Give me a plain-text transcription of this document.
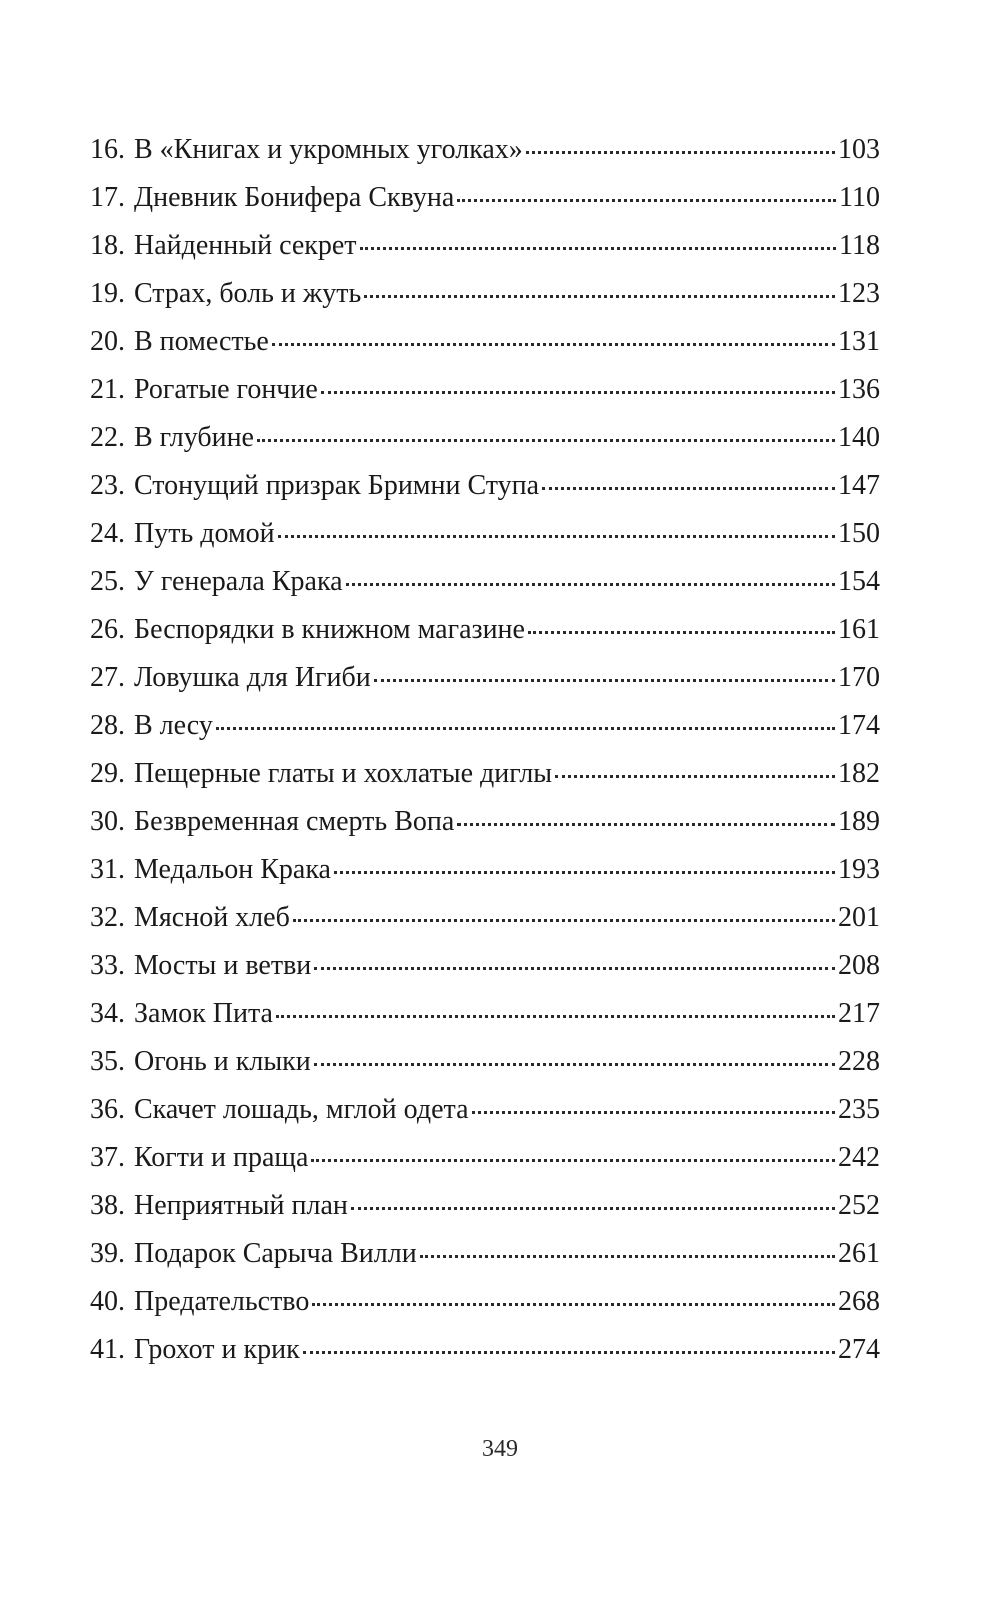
16. В «Книгах и укромных уголках»	103
17. Дневник Бонифера Сквуна	110
18. Найденный секрет	118
19. Страх, боль и жуть	123
20. В поместье	131
21. Рогатые гончие	136
22. В глубине	140
23. Стонущий призрак Бримни Ступа	147
24. Путь домой	150
25. У генерала Крака	154
26. Беспорядки в книжном магазине	161
27. Ловушка для Игиби	170
28. В лесу	174
29. Пещерные глаты и хохлатые диглы	182
30. Безвременная смерть Вопа	189
31. Медальон Крака	193
32. Мясной хлеб	201
33. Мосты и ветви	208
34. Замок Пита	217
35. Огонь и клыки	228
36. Скачет лошадь, мглой одета	235
37. Когти и праща	242
38. Неприятный план	252
39. Подарок Сарыча Вилли	261
40. Предательство	268
41. Грохот и крик	274
349
